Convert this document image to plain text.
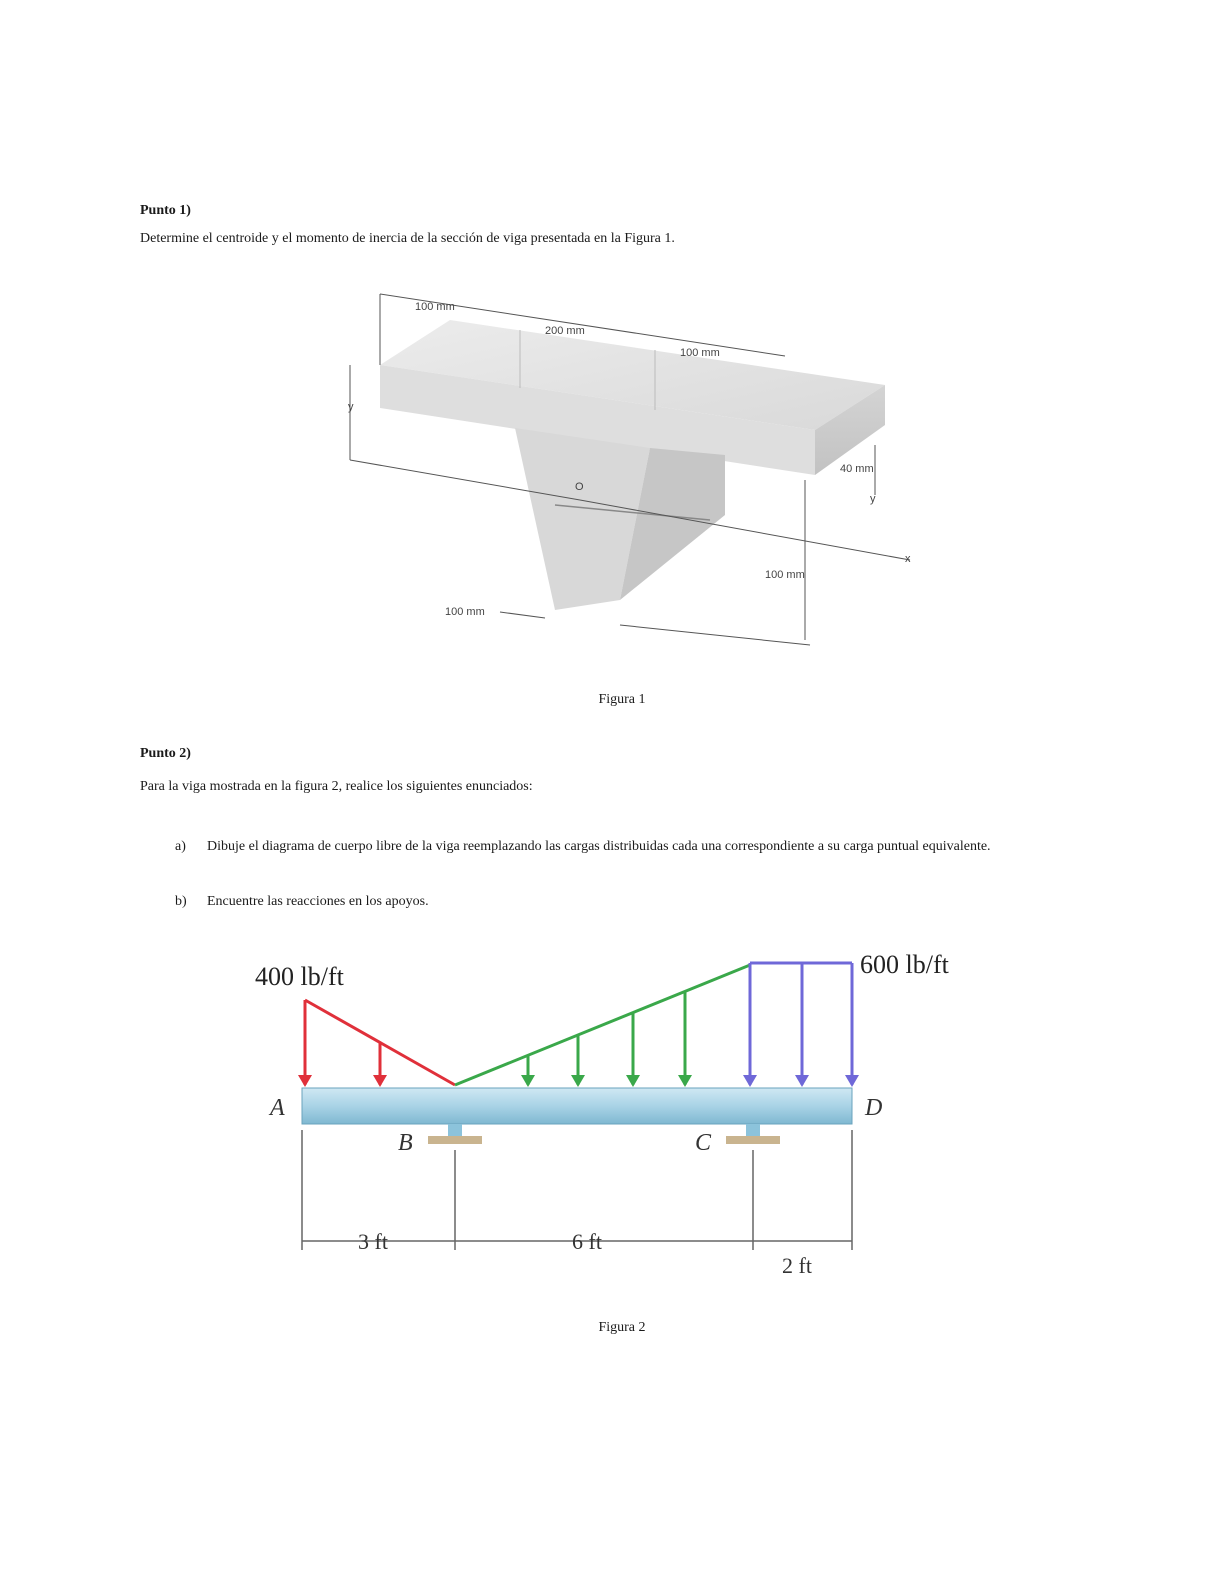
Punto 1)
Determine el centroide y el momento de inercia de la sección de viga presentada en la Figura 1.
100 mm
200 mm
100 mm
y
40 mm
y
x
O
100 mm
100 mm
Figura 1
Punto 2)
Para la viga mostrada en la figura 2, realice los siguientes enunciados:
a) Dibuje el diagrama de cuerpo libre de la viga reemplazando las cargas distribuidas cada una correspondiente a su carga puntual equivalente.
b) Encuentre las reacciones en los apoyos.
400 lb/ft	600 lb/ft
A
B	C
D
3 ft	6 ft
2 ft
Figura 2
